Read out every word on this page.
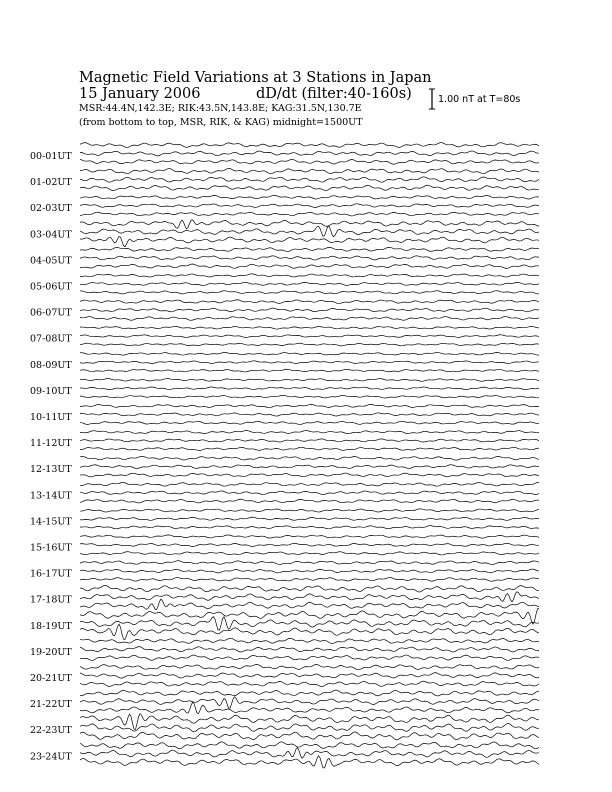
Magnetic Field Variations at 3 Stations in Japan
15 January 2006	dD/dt (filter:40-160s)
MSR:44.4N,142.3E; RIK:43.5N,143.8E; KAG:31.5N,130.7E
(from bottom to top, MSR, RIK, & KAG) midnight=1500UT
1.00 nT at T=80s
00-01UT
01-02UT
02-03UT
03-04UT
04-05UT
05-06UT
06-07UT
07-08UT
08-09UT
09-10UT
10-11UT
11-12UT
12-13UT
13-14UT
14-15UT
15-16UT
16-17UT
17-18UT
18-19UT
19-20UT
20-21UT
21-22UT
22-23UT
23-24UT
